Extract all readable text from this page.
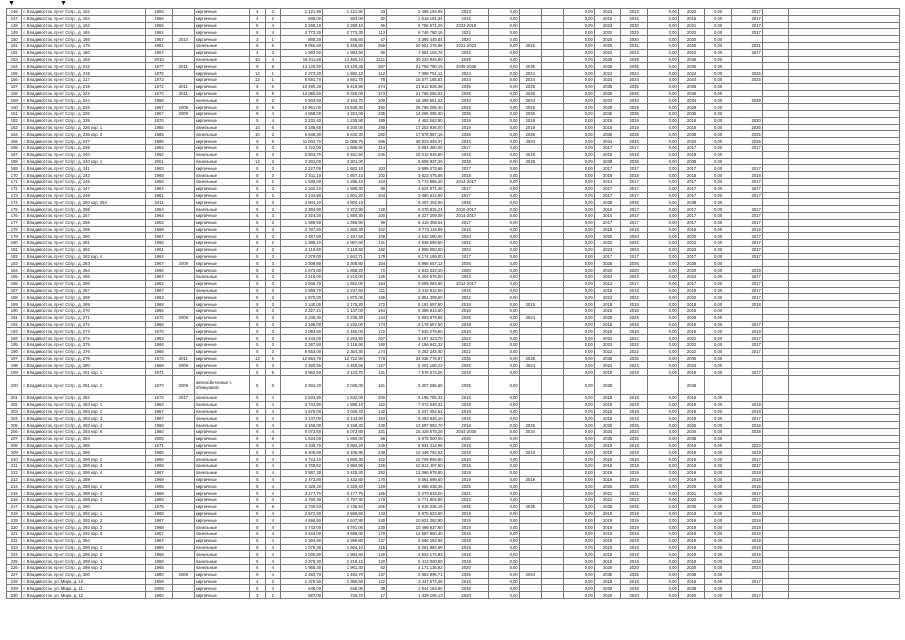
▼	▼
146	г. Владивосток, пр-кт Сотр., д. 152	1956		кирпичные	4	2	1 121,90	1 121,90	43	2 488 194,98	2023	0,00			0,00	2023	2022	0,00	2022	0,00	2017		
147	г. Владивосток, пр-кт Сотр., д. 154	1956		кирпичные	4	2	589,00	583,00	82	1 018 181,34	2016	0,00			0,00	2016	2016	0,00	2016	0,00	2017		
148	г. Владивосток, пр-кт Сотр., д. 162	1955		кирпичные	5	4	2 269,10	2 269,10	65	6 756 571,20	2023-2018	0,00			0,00	2023	2030	0,00	2021	0,00	2017		
149	г. Владивосток, пр-кт Сотр., д. 164	1964		кирпичные	5	4	2 773,30	2 773,30	113	6 746 780,16	2022	0,00			0,00	2022	2022	0,00	2022	0,00	2017		
150	г. Владивосток, пр-кт Сотр., д. 166	1957	2010	кирпичные	3	1	888,30	846,80	47	3 395 448,84	2020	0,00			0,00	2020	2020	0,00	2020	0,00			
151	г. Владивосток, пр-кт Сотр., д. 178	1981		панельные	9	6	6 055,80	5 466,80	266	20 501 276,96	2021-2023	0,00	2025		0,00	2025	2031	0,00	2025	0,00	2031		
152	г. Владивосток, пр-кт Сотр., д. 180	1957		кирпичные	4	3	1 993,50	1 993,50	96	7 961 102,76	2022	0,00			0,00	2022	2022	0,00	2022	0,00	2017		
153	г. Владивосток, пр-кт Сотр., д. 183	2010		панельные	10	4	18 911,50	12 460,10	1211	30 233 945,80	2036	0,00			0,00	2036	2036	0,00	2036	0,00			
154	г. Владивосток, пр-кт Сотр., д. 215	1977	2011	кирпичные	9	6	13 129,60	10 129,35	387	21 759 790,15	2035-2038	0,00	2035		0,00	2036	2036	0,00	2035	0,00			
155	г. Владивосток, пр-кт Сотр., д. 215	1975		кирпичные	12	1	2 373,20	1 682,10	112	7 098 791,12	2024	0,00	2024		0,00	2024	2024	0,00	2024	0,00	2025		
156	г. Владивосток, пр-кт Сотр., д. 217	1973		кирпичные	12	1	6 691,70	4 691,70	78	15 377 185,81	2024	0,00	2024		0,00	2024	2024	0,00	2024	0,00	2025		
157	г. Владивосток, пр-кт Сотр., д. 219	1972	2011	кирпичные	9	6	10 490,20	9 419,80	374	21 812 626,38	2036	0,00	2035		0,00	2036	2036	0,00	2036	0,00			
158	г. Владивосток, пр-кт Сотр., д. 223	1970	2011	кирпичные	9	6	12 080,60	9 320,00	373	21 766 065,62	2036	0,00	2036		0,00	2036	2036	0,00	2036	0,00			
159	г. Владивосток, пр-кт Сотр., д. 224	1986		панельные	9	2	5 903,50	3 163,70	200	18 498 561,53	2034	0,00	2034		0,00	2034	2034	0,00	2034	0,00	2036		
160	г. Владивосток, пр-кт Сотр., д. 225	1967	2009	кирпичные	9	6	10 961,00	10 536,30	392	26 769 285,40	2029	0,00	2029		0,00	2029	2029	0,00	2029	0,00			
161	г. Владивосток, пр-кт Сотр., д. 226	1967	2009	кирпичные	9	4	4 568,00	4 324,00	235	14 265 095,00	2036	0,00	2036		0,00	2036	2036	0,00	2036	0,00			
162	г. Владивосток, пр-кт Сотр., д. 235	1970		кирпичные	5	4	2 232,40	1 235,90	189	4 452 262,80	2018	0,00	2018		0,00	2018	2018	0,00	2018	0,00	2020		
163	г. Владивосток, пр-кт Сотр., д. 236 кор. 1	1985		панельные	10	6	5 186,60	5 200,00	280	17 203 936,00	2018	0,00	2018		0,00	2018	2018	0,00	2018	0,00	2035		
164	г. Владивосток, пр-кт Сотр., д. 236 кор. 2	1985		панельные	10	3	5 649,30	5 640,30	282	17 878 987,16	2038	0,00	2038		0,00	2038	2038	0,00	2038	0,00	2035		
165	г. Владивосток, пр-кт Сотр., д. 237	1985		кирпичные	9	6	11 002,70	11 068,70	386	35 823 349,37	2034	0,00	2034		0,00	2034	2034	0,00	2034	0,00	2035		
166	г. Владивосток, пр-кт Сотр., д. 239	1964		кирпичные	5	3	2 722,00	1 686,90	114	5 984 480,00	2017	0,00			0,00	2017	2017	0,00	2017	0,00	2017		
167	г. Владивосток, пр-кт Сотр., д. 240	1962		панельные	5	3	5 603,70	5 461,50	246	16 012 929,60	2018	0,00	2018		0,00	2018	2018	0,00	2018	0,00			
168	г. Владивосток, пр-кт Сотр., д. 240 кор. 1	2001		панельные	12	3	3 301,00	3 301,00		6 608 937,20	2038	0,00	2038		0,00	2038	2038	0,00	2038	0,00			
169	г. Владивосток, пр-кт Сотр., д. 241	1963		кирпичные	5	3	2 227,00	1 682,10	103	5 595 373,66	2017	0,00			0,00	2017	2017	0,00	2017	0,00	2017		
170	г. Владивосток, пр-кт Сотр., д. 243	1968		панельные	5	3	2 511,10	1 667,10	102	3 823 475,66	2018	0,00			0,00	2018	2018	0,00	2018	0,00	2018		
171	г. Владивосток, пр-кт Сотр., д. 245	1968		панельные	5	2	1 639,00	1 286,10	104	3 773 665,20	2014-2017	0,00			0,00	2014	2017	0,00	2017	0,00	2017		
172	г. Владивосток, пр-кт Сотр., д. 247	1964		кирпичные	5	3	2 332,10	1 688,30	99	4 624 971,48	2017	0,00			0,00	2017	2017	0,00	2017	0,00	2017		
173	г. Владивосток, пр-кт Сотр., д. 249	1961		кирпичные	5	2	2 134,80	1 601,20	104	3 050 612,80	2017	0,00			0,00	2017	2017	0,00	2017	0,00	2017		
174	г. Владивосток, пр-кт Сотр., д. 250 кор. 253	2011		кирпичные	5	3	4 604,10	4 604,10		8 407 402,00	2038	0,00			0,00	2038	2038	0,00	2038	0,00			
175	г. Владивосток, пр-кт Сотр., д. 255	1964		панельные	5	3	2 384,90	2 373,90	120	5 078 825,24	2015-2017	0,00			0,00	2015	2017	0,00	2017	0,00	2017		
176	г. Владивосток, пр-кт Сотр., д. 257	1964		кирпичные	5	3	2 324,20	1 680,30	100	6 327 209,08	2014-2017	0,00			0,00	2014	2017	0,00	2017	0,00	2017		
177	г. Владивосток, пр-кт Сотр., д. 258	1963		кирпичные	5	3	1 595,60	1 395,90	99	6 419 408,54	2017	0,00			0,00	2017	2017	0,00	2017	0,00	2017		
178	г. Владивосток, пр-кт Сотр., д. 259	1968		кирпичные	5	3	2 787,60	1 660,30	102	6 772 119,99	2018	0,00			0,00	2018	2018	0,00	2018	0,00	2018		
179	г. Владивосток, пр-кт Сотр., д. 260	1967		кирпичные	5	3	2 487,50	1 487,50	106	4 532 290,00	2020	0,00			0,00	2020	2020	0,00	2020	0,00	2017		
180	г. Владивосток, пр-кт Сотр., д. 261	1966		кирпичные	5	2	1 388,10	1 067,60	131	4 829 599,60	2022	0,00			0,00	2022	2022	0,00	2022	0,00	2017		
181	г. Владивосток, пр-кт Сотр., д. 262	1961		кирпичные	4	3	2 119,60	2 119,60	182	4 908 050,00	2023	0,00			0,00	2023	2023	0,00	2023	0,00	2017		
182	г. Владивосток, пр-кт Сотр., д. 262 кор. А	1964		кирпичные	5	3	2 378,00	1 642,71	178	6 174 185,00	2017	0,00			0,00	2017	2017	0,00	2017	0,00	2017		
183	г. Владивосток, пр-кт Сотр., д. 263	1967	2009	кирпичные	5	3	2 308,80	2 308,80	104	5 966 557,12	2036	0,00			0,00	2036	2036	0,00	2036	0,00			
184	г. Владивосток, пр-кт Сотр., д. 264	1966		кирпичные	5	3	1 673,80	1 658,20	72	2 843 323,40	2020	0,00			0,00	2020	2020	0,00	2020	0,00	2019		
185	г. Владивосток, пр-кт Сотр., д. 265	1967		панельные	5	3	2 216,00	2 216,00	125	5 404 576,00	2024	0,00			0,00	2024	2024	0,00	2024	0,00	2017		
186	г. Владивосток, пр-кт Сотр., д. 266	1962		кирпичные	5	3	3 946,70	1 652,00	164	9 609 063,60	2014-2017	0,00			0,00	2014	2017	0,00	2017	0,00	2017		
187	г. Владивосток, пр-кт Сотр., д. 267	1967		панельные	5	3	2 585,70	2 237,60	111	3 410 912,00	2018	0,00			0,00	2018	2018	0,00	2018	0,00	2017		
188	г. Владивосток, пр-кт Сотр., д. 268	1964		кирпичные	5	3	1 870,00	1 870,00	165	6 881 309,60	2022	0,00			0,00	2022	2022	0,00	2022	0,00	2017		
189	г. Владивосток, пр-кт Сотр., д. 269	1968		кирпичные	5	3	2 140,00	2 175,20	172	6 191 697,60	2018	0,00	2018		0,00	2018	2018	0,00	2018	0,00	2018		
190	г. Владивосток, пр-кт Сотр., д. 270	1966		кирпичные	5	3	2 227,21	1 147,00	164	5 396 913,60	2018	0,00			0,00	2018	2018	0,00	2018	0,00			
191	г. Владивосток, пр-кт Сотр., д. 271	1972	2009	кирпичные	5	3	2 236,30	2 236,30	144	5 993 979,95	2036	0,00	2024		0,00	2029	2029	0,00	2029	0,00			
192	г. Владивосток, пр-кт Сотр., д. 272	1966		кирпичные	5	3	2 196,00	2 232,00	174	6 179 557,60	2018	0,00			0,00	2018	2018	0,00	2018	0,00	2017		
193	г. Владивосток, пр-кт Сотр., д. 273	1970		кирпичные	5	3	3 093,60	2 150,00	172	7 632 279,80	2018	0,00			0,00	2018	2018	0,00	2018	0,00	2018		
194	г. Владивосток, пр-кт Сотр., д. 274	1963		кирпичные	5	3	4 243,00	2 293,50	207	8 187 323,70	2022	0,00			0,00	2022	2022	0,00	2022	0,00	2017		
195	г. Владивосток, пр-кт Сотр., д. 275	1968		кирпичные	5	3	2 367,80	2 115,90	160	4 156 942,32	2022	0,00			0,00	2022	2022	0,00	2022	0,00	2017		
196	г. Владивосток, пр-кт Сотр., д. 276	1966		кирпичные	5	3	6 653,00	2 304,30	174	5 262 243,00	2022	0,00			0,00	2022	2022	0,00	2022	0,00	2017		
197	г. Владивосток, пр-кт Сотр., д. 278	1973	2011	кирпичные	12	6	12 664,70	12 722,90	778	34 036 775,97	2036	0,00	2036		0,00	2036	2036	0,00	2036	0,00			
198	г. Владивосток, пр-кт Сотр., д. 280	1968	2009	кирпичные	5	3	2 450,65	2 450,65	127	6 201 180,23	2028	0,00	2024		0,00	2024	2024	0,00	2024	0,00			
199	г. Владивосток, пр-кт Сотр., д. 281 кор. 1	1971		кирпичные	5	5	3 982,50	3 123,70	131	7 576 073,26	2019	0,00			0,00	2019	2019	0,00	2019	0,00	2017		
200	г. Владивосток, пр-кт Сотр., д. 281 кор. 2	1970	2009	железобетонные с облицовкой	5	6	2 934,20	2 045,00	161	5 307 286,60	2036	0,00			0,00	2036			2036				
201	г. Владивосток, пр-кт Сотр., д. 282	1973	2017	панельные	5	4	2 533,90	1 532,00	200	6 196 785,32	2018	0,00			0,00	2018	2018	0,00	2018	0,00			
202	г. Владивосток, пр-кт Сотр., д. 283 кор. 1	1969		панельные	5	4	2 733,90	1 895,10	152	7 072 048,31	2019	0,00			0,00	2019	2019	0,00	2019	0,00	2018		
203	г. Владивосток, пр-кт Сотр., д. 283 кор. 2	1967		панельные	5	4	4 675,00	3 048,40	142	5 237 452,51	2018	0,00			0,00	2018	2018	0,00	2018	0,00	2018		
204	г. Владивосток, пр-кт Сотр., д. 283 кор. 3	1967		панельные	5	4	3 147,00	3 143,90	153	8 493 946,10	2018	0,00			0,00	2018	2018	0,00	2018	0,00	2017		
205	г. Владивосток, пр-кт Сотр., д. 283 кор. 4	1968		панельные	5	4	3 166,00	3 169,30	238	12 597 893,70	2018	0,00	2025		0,00	2025	2025	0,00	2025	0,00	2016		
206	г. Владивосток, пр-кт Сотр., д. 283 кор. 5	1980		кирпичные	9	4	6 073,80	6 073,80	331	15 428 575,26	2034-2036	0,00	2034		0,00	2034	2034	0,00	2034	0,00	2038		
207	г. Владивосток, пр-кт Сотр., д. 284	2005		кирпичные	9	6	1 634,00	1 590,00	56	5 875 000,00	2036	0,00			0,00	2036	2036	0,00	2036	0,00			
208	г. Владивосток, пр-кт Сотр., д. 285	1971		кирпичные	9	4	4 338,70	3 993,20	249	8 934 412,96	2019	0,00			0,00	2019	2019	0,00	2019	0,00	2023		
209	г. Владивосток, пр-кт Сотр., д. 286	1965		кирпичные	5	4	5 405,90	5 105,90	238	10 446 792,63	2019	0,00	2019		0,00	2019	2019	0,00	2019	0,00	2019		
210	г. Владивосток, пр-кт Сотр., д. 286 кор. 2	1966		панельные	5	4	4 723,10	4 686,30	322	10 708 966,80	2018	0,00			0,00	2018	2018	0,00	2018	0,00	2017		
211	г. Владивосток, пр-кт Сотр., д. 286 кор. 3	1968		панельные	5	4	3 769,62	2 982,90	326	10 812 407,60	2018	0,00			0,00	2018	2018	0,00	2018	0,00	2017		
212	г. Владивосток, пр-кт Сотр., д. 286 кор. 4	1967		панельные	5	4	3 567,30	3 425,30	282	12 366 978,80	2019	0,00			0,00	2019	2019	0,00	2019	0,00	2018		
213	г. Владивосток, пр-кт Сотр., д. 288	1969		кирпичные	5	4	2 473,80	2 432,80	170	8 561 599,60	2019	0,00	2019		0,00	2019	2019	0,00	2019	0,00	2018		
214	г. Владивосток, пр-кт Сотр., д. 288 кор. 2	1968		кирпичные	5	4	2 328,40	2 329,40	129	5 658 538,46	2025	0,00			0,00	2025	2025	0,00	2025	0,00	2018		
215	г. Владивосток, пр-кт Сотр., д. 288 кор. 3	1968		кирпичные	5	4	3 177,70	3 177,70	165	5 270 533,20	2021	0,00			0,00	2021	2021	0,00	2021	0,00	2017		
216	г. Владивосток, пр-кт Сотр., д. 288 кор. 4	1969		кирпичные	5	4	2 790,30	2 797,80	179	5 771 802,80	2022	0,00			0,00	2022	2022	0,00	2022	0,00	2017		
217	г. Владивосток, пр-кт Сотр., д. 290	1975		кирпичные	9	6	2 736,53	2 736,53	265	5 918 336,15	2035	0,00	2035		0,00	2035	2035	0,00	2035	0,00	2028		
218	г. Владивосток, пр-кт Сотр., д. 292 кор. 1	1968		кирпичные	5	4	2 572,90	2 569,60	143	5 975 623,60	2019	0,00			0,00	2019	2019	0,00	2019	0,00	2018		
219	г. Владивосток, пр-кт Сотр., д. 292 кор. 2	1967		кирпичные	5	4	4 696,60	4 647,90	240	10 631 362,80	2019	0,00			0,00	2019	2019	0,00	2019	0,00	2018		
220	г. Владивосток, пр-кт Сотр., д. 292 кор. 3	1968		панельные	5	4	4 742,00	4 791,00	230	10 496 837,60	2019	0,00			0,00	2019	2019	0,00	2019	0,00	2018		
221	г. Владивосток, пр-кт Сотр., д. 292 кор. 4	1967		панельные	5	4	3 543,00	3 588,00	170	12 587 860,40	2019	0,00			0,00	2019	2019	0,00	2019	0,00	2018		
222	г. Владивосток, пр-кт Сотр., д. 294	1967		кирпичные	5	4	2 394,80	2 399,80	137	5 566 252,86	2019	0,00			0,00	2019	2019	0,00	2019	0,00	2018		
223	г. Владивосток, пр-кт Сотр., д. 296 кор. 1	1969		панельные	5	4	1 076,30	1 504,10	115	6 291 882,69	2019	0,00			0,00	2019	2019	0,00	2019	0,00	2018		
224	г. Владивосток, пр-кт Сотр., д. 296 кор. 2	1968		панельные	5	4	2 040,80	1 994,50	128	4 622 174,83	2019	0,00			0,00	2019	2019	0,00	2019	0,00	2018		
225	г. Владивосток, пр-кт Сотр., д. 298 кор. 1	1968		панельные	5	4	2 379,30	2 219,10	120	5 413 000,00	2019	0,00			0,00	2019	2019	0,00	2019	0,00	2018		
226	г. Владивосток, пр-кт Сотр., д. 298 кор. 2	1968		панельные	5	4	1 965,30	1 961,30	82	4 171 136,82	2020	0,00			0,00	2020	2020	0,00	2020	0,00	2034		
227	г. Владивосток, пр-кт Сотр., д. 300	1980	2009	кирпичные	9	4	2 492,70	2 492,70	137	6 863 995,71	2036	0,00	2034		0,00	2036	2036	0,00	2036	0,00			
228	г. Владивосток, ул. Мира, д. 10	1959		кирпичные	4	2	1 378,50	1 360,50	122	3 447 572,46	2018	0,00			0,00	2018	2018	0,00	2018	0,00	2017		
229	г. Владивосток, ул. Мира, д. 11	2006		кирпичные	5	4	646,00	646,00	39	1 944 163,60	2038	0,00			0,00	2038	2038	0,00	2038	0,00			
230	г. Владивосток, ул. Мира, д. 12	1960		кирпичные	3	1	887,00	725,70	17	1 339 196,13	2020	0,00			0,00	2020	2020	0,00	2020	0,00	2017		
